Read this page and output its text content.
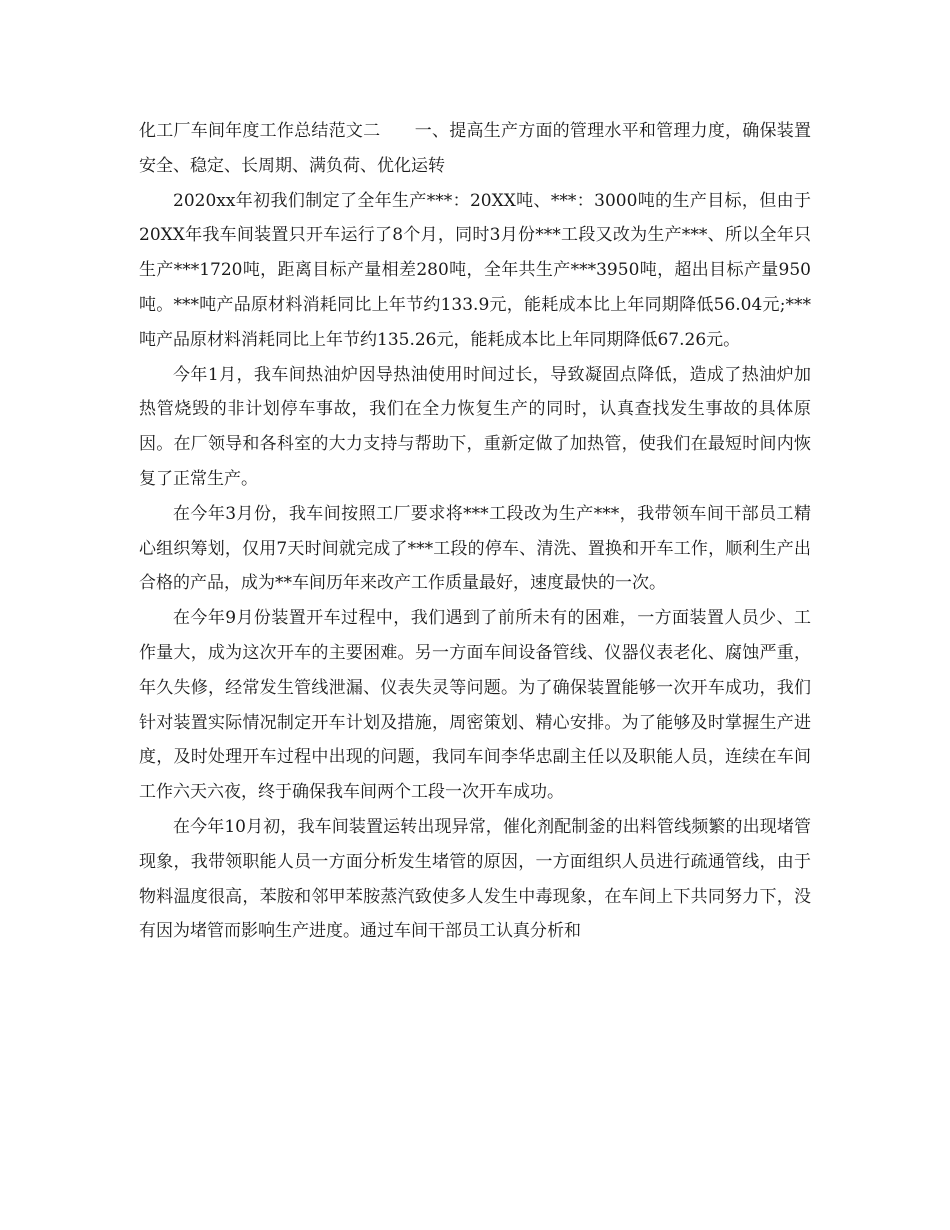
化工厂车间年度工作总结范文二　　一、提高生产方面的管理水平和管理力度，确保装置安全、稳定、长周期、满负荷、优化运转

2020xx年初我们制定了全年生产***：20XX吨、***：3000吨的生产目标，但由于20XX年我车间装置只开车运行了8个月，同时3月份***工段又改为生产***、所以全年只生产***1720吨，距离目标产量相差280吨，全年共生产***3950吨，超出目标产量950吨。***吨产品原材料消耗同比上年节约133.9元，能耗成本比上年同期降低56.04元;***吨产品原材料消耗同比上年节约135.26元，能耗成本比上年同期降低67.26元。

今年1月，我车间热油炉因导热油使用时间过长，导致凝固点降低，造成了热油炉加热管烧毁的非计划停车事故，我们在全力恢复生产的同时，认真查找发生事故的具体原因。在厂领导和各科室的大力支持与帮助下，重新定做了加热管，使我们在最短时间内恢复了正常生产。

在今年3月份，我车间按照工厂要求将***工段改为生产***，我带领车间干部员工精心组织筹划，仅用7天时间就完成了***工段的停车、清洗、置换和开车工作，顺利生产出合格的产品，成为**车间历年来改产工作质量最好，速度最快的一次。

在今年9月份装置开车过程中，我们遇到了前所未有的困难，一方面装置人员少、工作量大，成为这次开车的主要困难。另一方面车间设备管线、仪器仪表老化、腐蚀严重，年久失修，经常发生管线泄漏、仪表失灵等问题。为了确保装置能够一次开车成功，我们针对装置实际情况制定开车计划及措施，周密策划、精心安排。为了能够及时掌握生产进度，及时处理开车过程中出现的问题，我同车间李华忠副主任以及职能人员，连续在车间工作六天六夜，终于确保我车间两个工段一次开车成功。

在今年10月初，我车间装置运转出现异常，催化剂配制釜的出料管线频繁的出现堵管现象，我带领职能人员一方面分析发生堵管的原因，一方面组织人员进行疏通管线，由于物料温度很高，苯胺和邻甲苯胺蒸汽致使多人发生中毒现象，在车间上下共同努力下，没有因为堵管而影响生产进度。通过车间干部员工认真分析和
